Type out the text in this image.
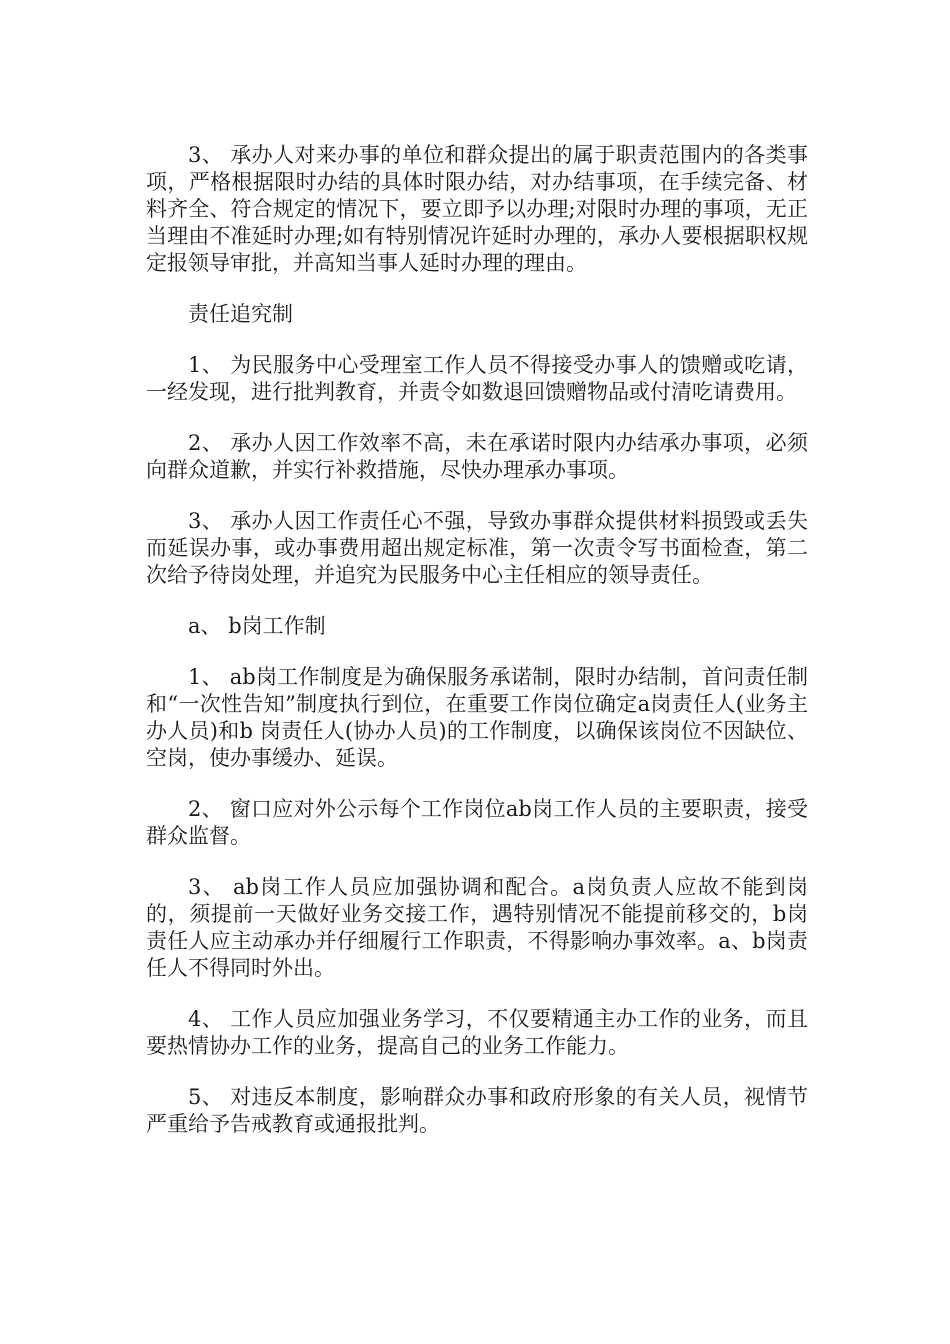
3、 承办人对来办事的单位和群众提出的属于职责范围内的各类事项，严格根据限时办结的具体时限办结，对办结事项，在手续完备、材料齐全、符合规定的情况下，要立即予以办理;对限时办理的事项，无正当理由不准延时办理;如有特别情况许延时办理的，承办人要根据职权规定报领导审批，并高知当事人延时办理的理由。

责任追究制

1、 为民服务中心受理室工作人员不得接受办事人的馈赠或吃请，一经发现，进行批判教育，并责令如数退回馈赠物品或付清吃请费用。

2、 承办人因工作效率不高，未在承诺时限内办结承办事项，必须向群众道歉，并实行补救措施，尽快办理承办事项。

3、 承办人因工作责任心不强，导致办事群众提供材料损毁或丢失而延误办事，或办事费用超出规定标准，第一次责令写书面检查，第二次给予待岗处理，并追究为民服务中心主任相应的领导责任。

a、 b岗工作制

1、 ab岗工作制度是为确保服务承诺制，限时办结制，首问责任制和“一次性告知”制度执行到位，在重要工作岗位确定a岗责任人(业务主办人员)和b 岗责任人(协办人员)的工作制度，以确保该岗位不因缺位、空岗，使办事缓办、延误。

2、 窗口应对外公示每个工作岗位ab岗工作人员的主要职责，接受群众监督。

3、 ab岗工作人员应加强协调和配合。a岗负责人应故不能到岗的，须提前一天做好业务交接工作，遇特别情况不能提前移交的，b岗责任人应主动承办并仔细履行工作职责，不得影响办事效率。a、b岗责任人不得同时外出。

4、 工作人员应加强业务学习，不仅要精通主办工作的业务，而且要热情协办工作的业务，提高自己的业务工作能力。

5、 对违反本制度，影响群众办事和政府形象的有关人员，视情节严重给予告戒教育或通报批判。
